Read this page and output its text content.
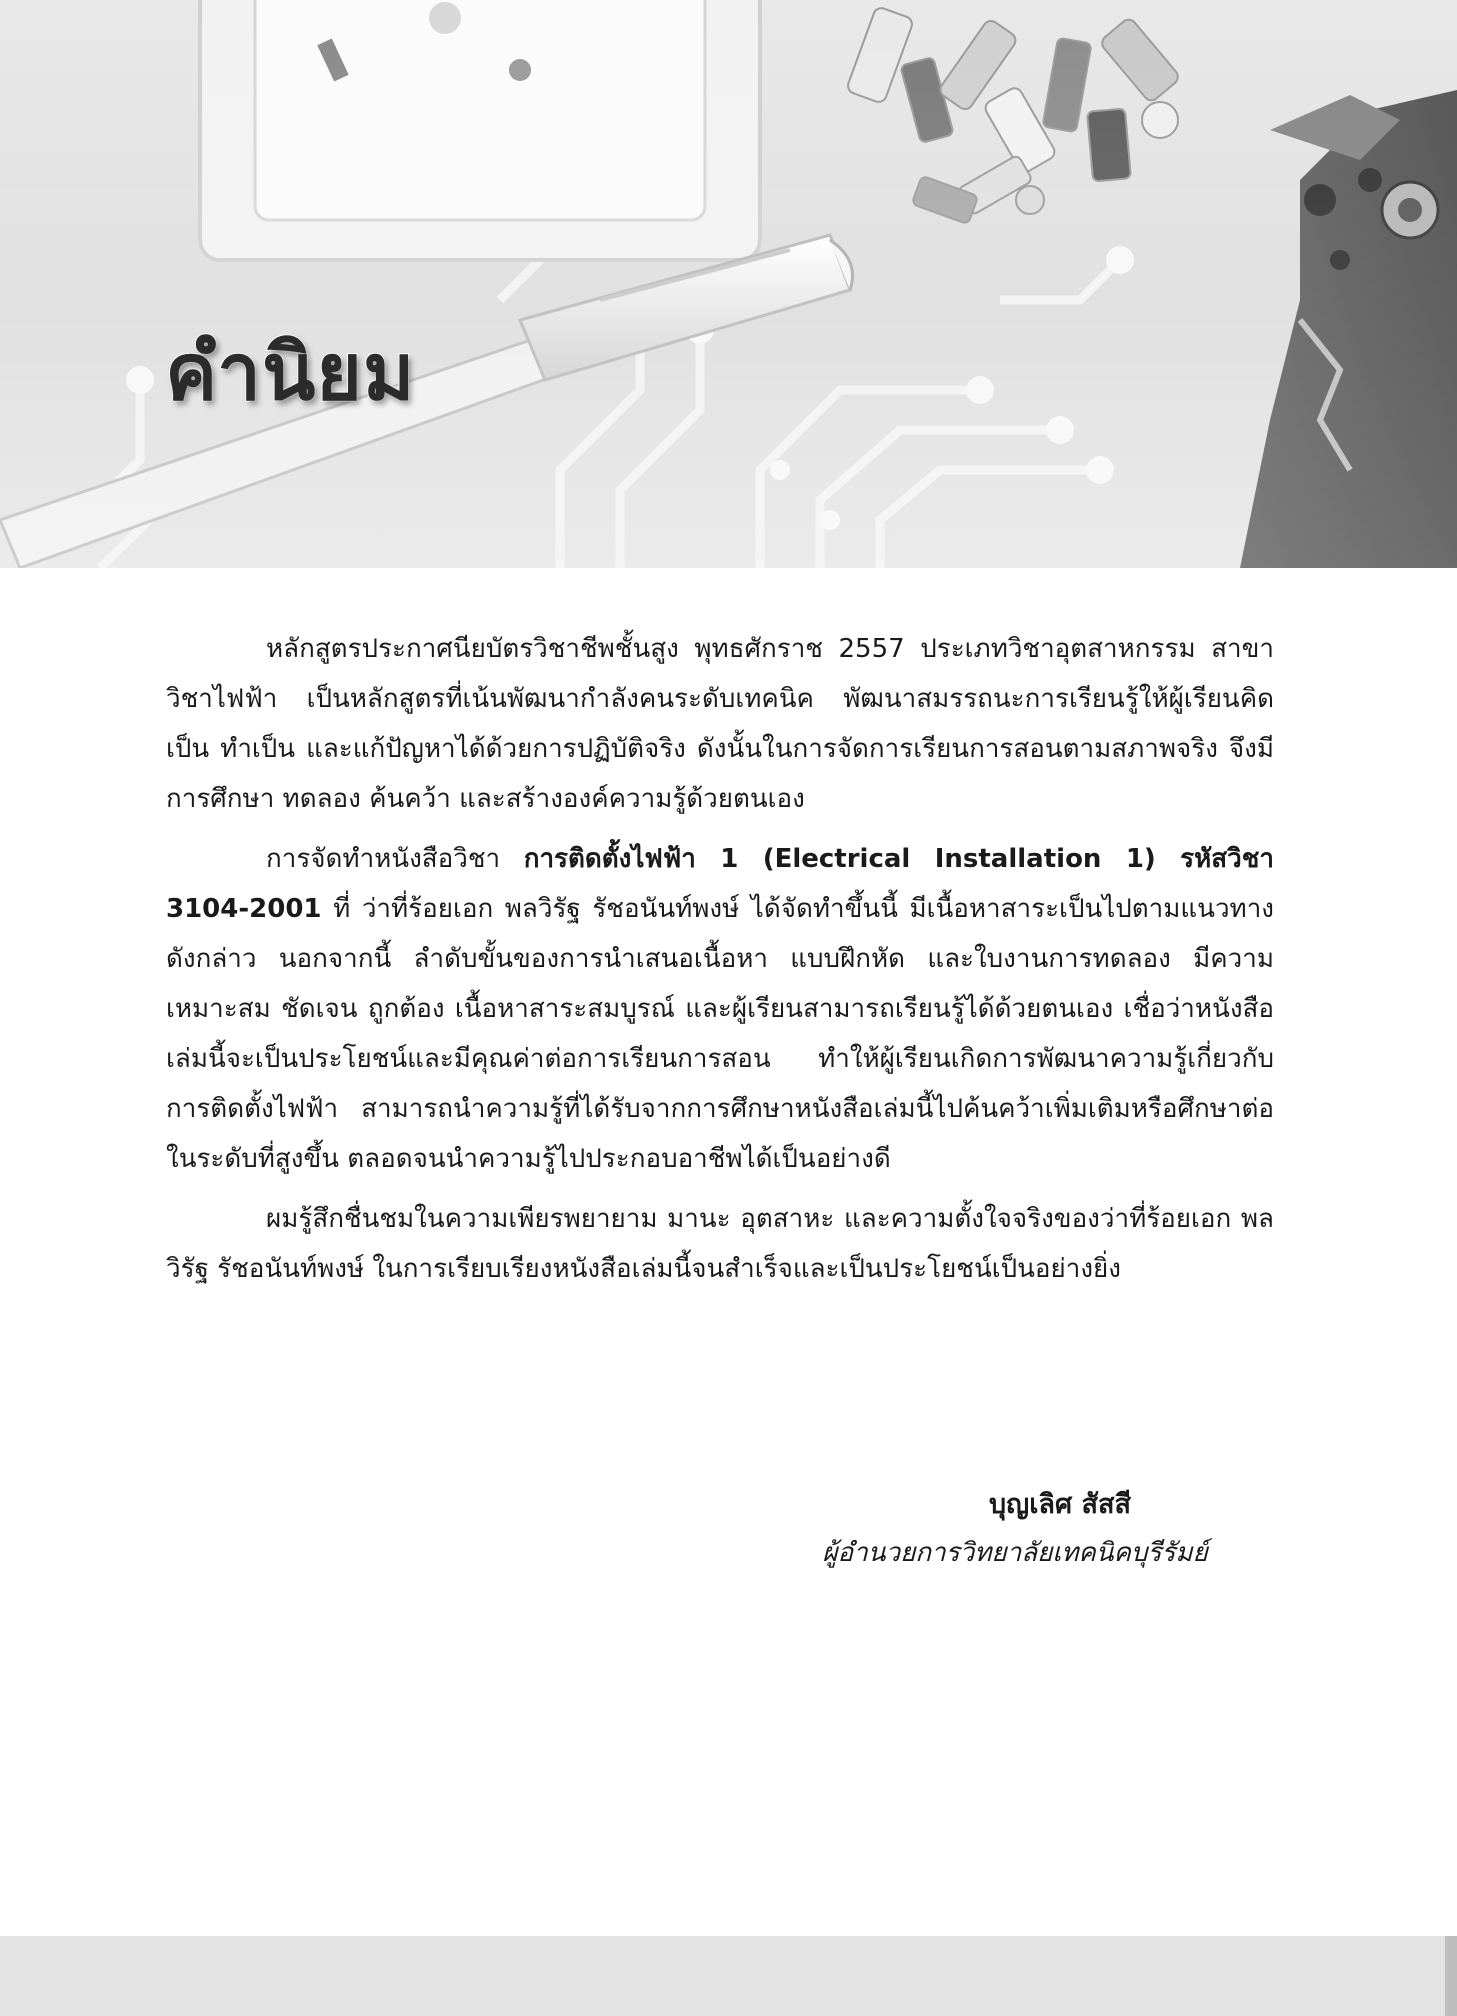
คำนิยม

หลักสูตรประกาศนียบัตรวิชาชีพชั้นสูง พุทธศักราช 2557 ประเภทวิชาอุตสาหกรรม สาขาวิชาไฟฟ้า เป็นหลักสูตรที่เน้นพัฒนากำลังคนระดับเทคนิค พัฒนาสมรรถนะการเรียนรู้ให้ผู้เรียนคิดเป็น ทำเป็น และแก้ปัญหาได้ด้วยการปฏิบัติจริง ดังนั้นในการจัดการเรียนการสอนตามสภาพจริง จึงมีการศึกษา ทดลอง ค้นคว้า และสร้างองค์ความรู้ด้วยตนเอง

การจัดทำหนังสือวิชา การติดตั้งไฟฟ้า 1 (Electrical Installation 1) รหัสวิชา 3104-2001 ที่ ว่าที่ร้อยเอก พลวิรัฐ รัชอนันท์พงษ์ ได้จัดทำขึ้นนี้ มีเนื้อหาสาระเป็นไปตามแนวทางดังกล่าว นอกจากนี้ ลำดับขั้นของการนำเสนอเนื้อหา แบบฝึกหัด และใบงานการทดลอง มีความเหมาะสม ชัดเจน ถูกต้อง เนื้อหาสาระสมบูรณ์ และผู้เรียนสามารถเรียนรู้ได้ด้วยตนเอง เชื่อว่าหนังสือเล่มนี้จะเป็นประโยชน์และมีคุณค่าต่อการเรียนการสอน ทำให้ผู้เรียนเกิดการพัฒนาความรู้เกี่ยวกับการติดตั้งไฟฟ้า สามารถนำความรู้ที่ได้รับจากการศึกษาหนังสือเล่มนี้ไปค้นคว้าเพิ่มเติมหรือศึกษาต่อในระดับที่สูงขึ้น ตลอดจนนำความรู้ไปประกอบอาชีพได้เป็นอย่างดี

ผมรู้สึกชื่นชมในความเพียรพยายาม มานะ อุตสาหะ และความตั้งใจจริงของว่าที่ร้อยเอก พลวิรัฐ รัชอนันท์พงษ์ ในการเรียบเรียงหนังสือเล่มนี้จนสำเร็จและเป็นประโยชน์เป็นอย่างยิ่ง

บุญเลิศ สัสสี
ผู้อำนวยการวิทยาลัยเทคนิคบุรีรัมย์
